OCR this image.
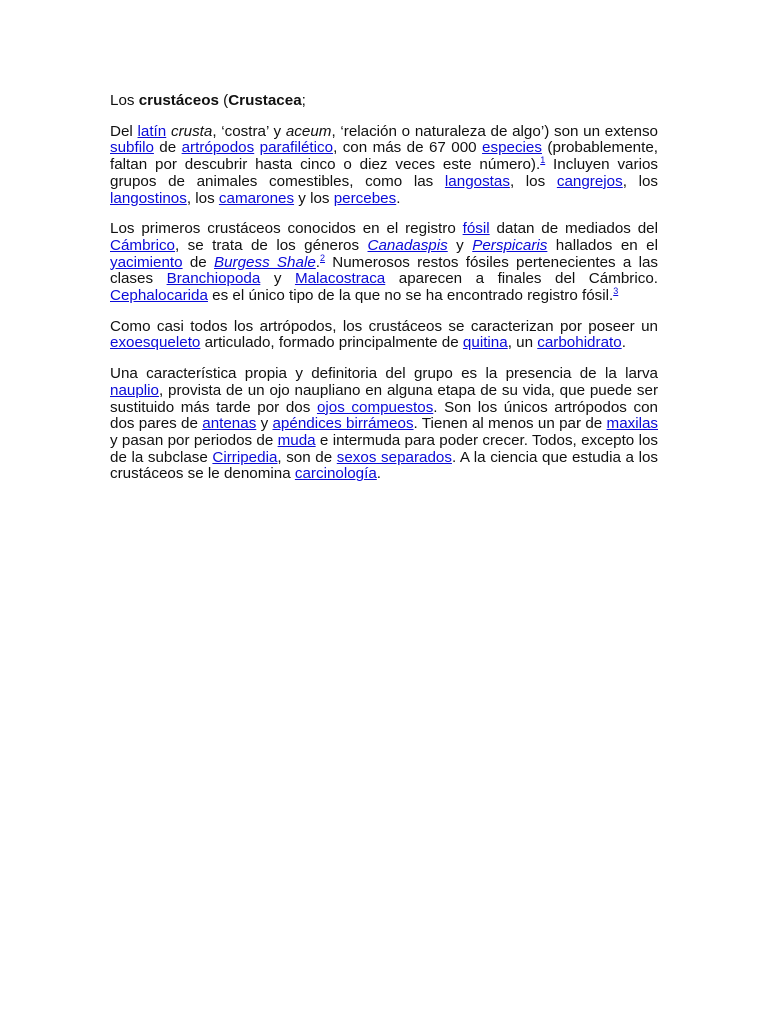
Los crustáceos (Crustacea;

Del latín crusta, ‘costra’ y aceum, ‘relación o naturaleza de algo’) son un extenso subfilo de artrópodos parafilético, con más de 67 000 especies (probablemente, faltan por descubrir hasta cinco o diez veces este número).$^1$ Incluyen varios grupos de animales comestibles, como las langostas, los cangrejos, los langostinos, los camarones y los percebes.

Los primeros crustáceos conocidos en el registro fósil datan de mediados del Cámbrico, se trata de los géneros Canadaspis y Perspicaris hallados en el yacimiento de Burgess Shale.$^2$ Numerosos restos fósiles pertenecientes a las clases Branchiopoda y Malacostraca aparecen a finales del Cámbrico. Cephalocarida es el único tipo de la que no se ha encontrado registro fósil.$^3$

Como casi todos los artrópodos, los crustáceos se caracterizan por poseer un exoesqueleto articulado, formado principalmente de quitina, un carbohidrato.

Una característica propia y definitoria del grupo es la presencia de la larva nauplio, provista de un ojo naupliano en alguna etapa de su vida, que puede ser sustituido más tarde por dos ojos compuestos. Son los únicos artrópodos con dos pares de antenas y apéndices birrámeos. Tienen al menos un par de maxilas y pasan por periodos de muda e intermuda para poder crecer. Todos, excepto los de la subclase Cirripedia, son de sexos separados. A la ciencia que estudia a los crustáceos se le denomina carcinología.
